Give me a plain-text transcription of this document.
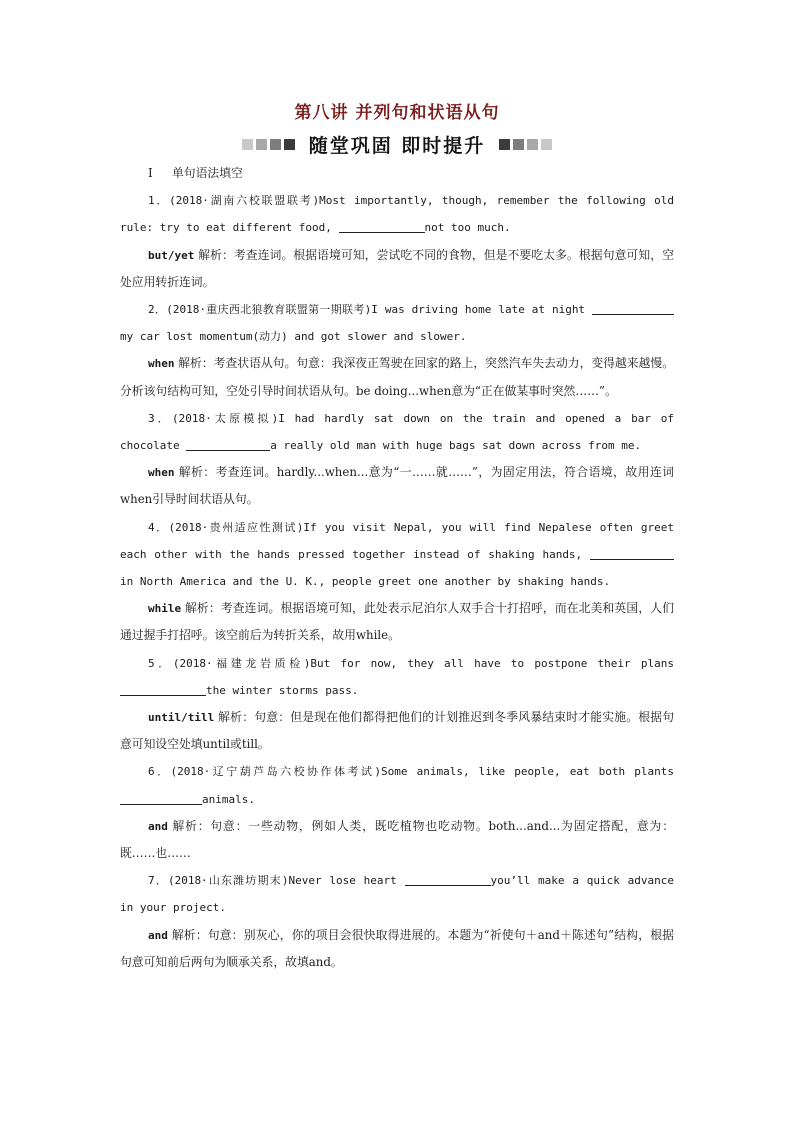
第八讲 并列句和状语从句
随堂巩固 即时提升

Ⅰ 单句语法填空

1．(2018·湖南六校联盟联考)Most importantly, though, remember the following old rule: try to eat different food,	not too much.

but/yet 解析：考查连词。根据语境可知，尝试吃不同的食物，但是不要吃太多。根据句意可知，空处应用转折连词。

2．(2018·重庆西北狼教育联盟第一期联考)I was driving home late at night my car lost momentum(动力) and got slower and slower.

when 解析：考查状语从句。句意：我深夜正驾驶在回家的路上，突然汽车失去动力，变得越来越慢。分析该句结构可知，空处引导时间状语从句。be doing...when意为“正在做某事时突然……”。

3．(2018·太原模拟)I had hardly sat down on the train and opened a bar of chocolate	a really old man with huge bags sat down across from me.

when 解析：考查连词。hardly...when...意为“一……就……”，为固定用法，符合语境，故用连词when引导时间状语从句。

4．(2018·贵州适应性测试)If you visit Nepal, you will find Nepalese often greet each other with the hands pressed together instead of shaking hands, in North America and the U. K., people greet one another by shaking hands.

while 解析：考查连词。根据语境可知，此处表示尼泊尔人双手合十打招呼，而在北美和英国，人们通过握手打招呼。该空前后为转折关系，故用while。

5．(2018·福建龙岩质检)But for now, they all have to postpone their plansthe winter storms pass.

until/till 解析：句意：但是现在他们都得把他们的计划推迟到冬季风暴结束时才能实施。根据句意可知设空处填until或till。

6．(2018·辽宁葫芦岛六校协作体考试)Some animals, like people, eat both plantsanimals.

and 解析：句意：一些动物，例如人类，既吃植物也吃动物。both...and...为固定搭配，意为：既……也……

7．(2018·山东潍坊期末)Never lose heart	you’ll make a quick advance in your project.

and 解析：句意：别灰心，你的项目会很快取得进展的。本题为“祈使句＋and＋陈述句”结构，根据句意可知前后两句为顺承关系，故填and。
